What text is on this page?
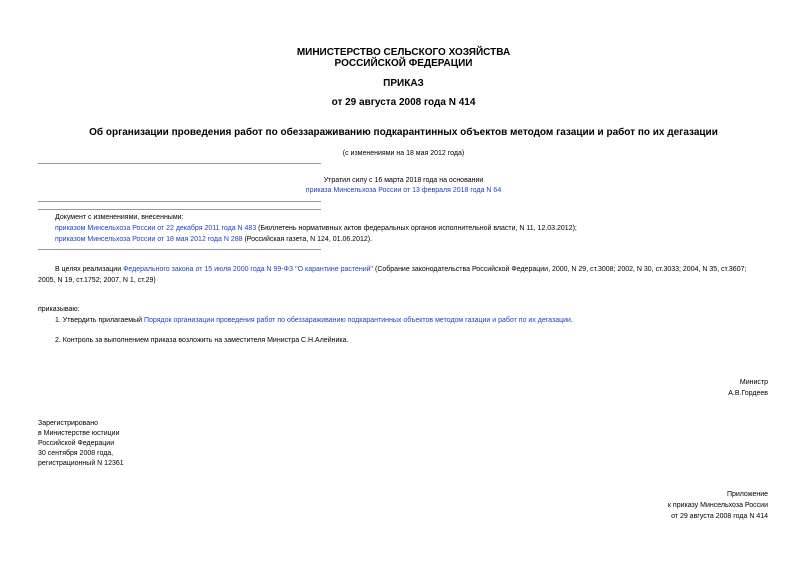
МИНИСТЕРСТВО СЕЛЬСКОГО ХОЗЯЙСТВА
РОССИЙСКОЙ ФЕДЕРАЦИИ
ПРИКАЗ
от 29 августа 2008 года N 414
Об организации проведения работ по обеззараживанию подкарантинных объектов методом газации и работ по их дегазации
(с изменениями на 18 мая 2012 года)
Утратил силу с 16 марта 2018 года на основании
приказа Минсельхоза России от 13 февраля 2018 года N 64
Документ с изменениями, внесенными:
приказом Минсельхоза России от 22 декабря 2011 года N 483 (Бюллетень нормативных актов федеральных органов исполнительной власти, N 11, 12.03.2012);
приказом Минсельхоза России от 18 мая 2012 года N 288 (Российская газета, N 124, 01.06.2012).
В целях реализации Федерального закона от 15 июля 2000 года N 99-ФЗ "О карантине растений" (Собрание законодательства Российской Федерации, 2000, N 29, ст.3008; 2002, N 30, ст.3033; 2004, N 35, ст.3607;
2005, N 19, ст.1752; 2007, N 1, ст.29)
приказываю:
1. Утвердить прилагаемый Порядок организации проведения работ по обеззараживанию подкарантинных объектов методом газации и работ по их дегазации.
2. Контроль за выполнением приказа возложить на заместителя Министра С.Н.Алейника.
Министр
А.В.Гордеев
Зарегистрировано
в Министерстве юстиции
Российской Федерации
30 сентября 2008 года,
регистрационный N 12361
Приложение
к приказу Минсельхоза России
от 29 августа 2008 года N 414
